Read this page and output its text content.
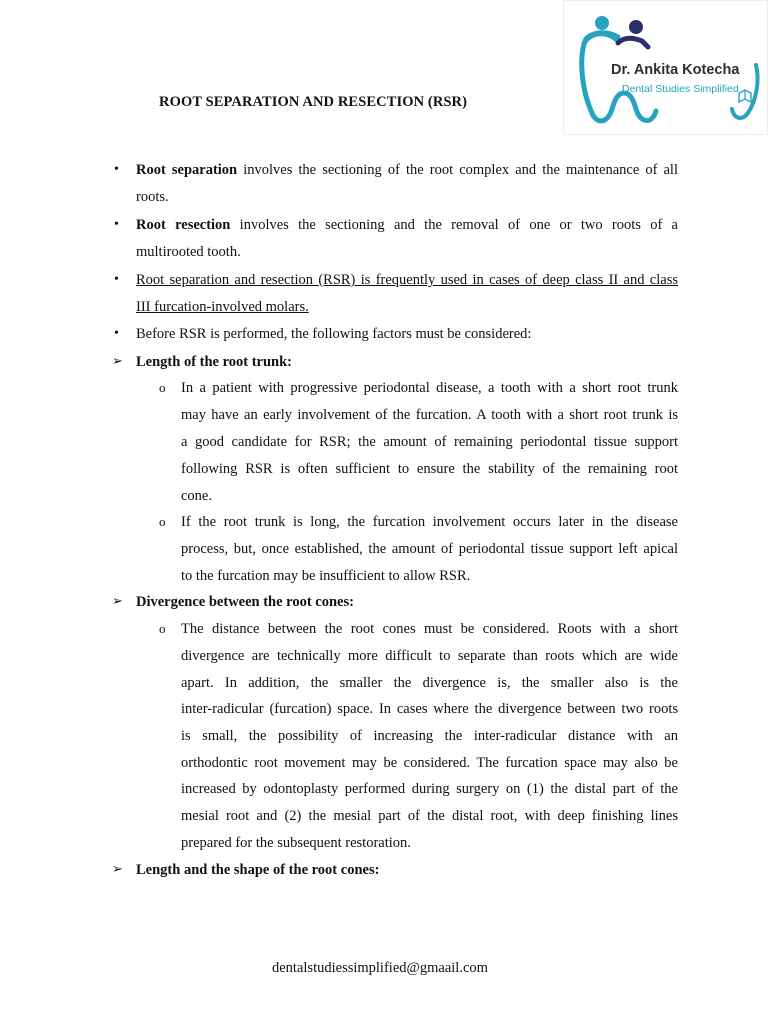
Dr. Ankita Kotecha
Dental Studies Simplified
ROOT SEPARATION AND RESECTION (RSR)
• Root separation involves the sectioning of the root complex and the maintenance of all
roots.
• Root resection involves the sectioning and the removal of one or two roots of a
multirooted tooth.
• Root separation and resection (RSR) is frequently used in cases of deep class II and class
III furcation-involved molars.
• Before RSR is performed, the following factors must be considered:
➢ Length of the root trunk:
o In a patient with progressive periodontal disease, a tooth with a short root trunk
may have an early involvement of the furcation. A tooth with a short root trunk is
a good candidate for RSR; the amount of remaining periodontal tissue support
following RSR is often sufficient to ensure the stability of the remaining root
cone.
o If the root trunk is long, the furcation involvement occurs later in the disease
process, but, once established, the amount of periodontal tissue support left apical
to the furcation may be insufficient to allow RSR.
➢ Divergence between the root cones:
o The distance between the root cones must be considered. Roots with a short
divergence are technically more difficult to separate than roots which are wide
apart. In addition, the smaller the divergence is, the smaller also is the
inter-radicular (furcation) space. In cases where the divergence between two roots
is small, the possibility of increasing the inter-radicular distance with an
orthodontic root movement may be considered. The furcation space may also be
increased by odontoplasty performed during surgery on (1) the distal part of the
mesial root and (2) the mesial part of the distal root, with deep finishing lines
prepared for the subsequent restoration.
➢ Length and the shape of the root cones:
dentalstudiessimplified@gmaail.com
